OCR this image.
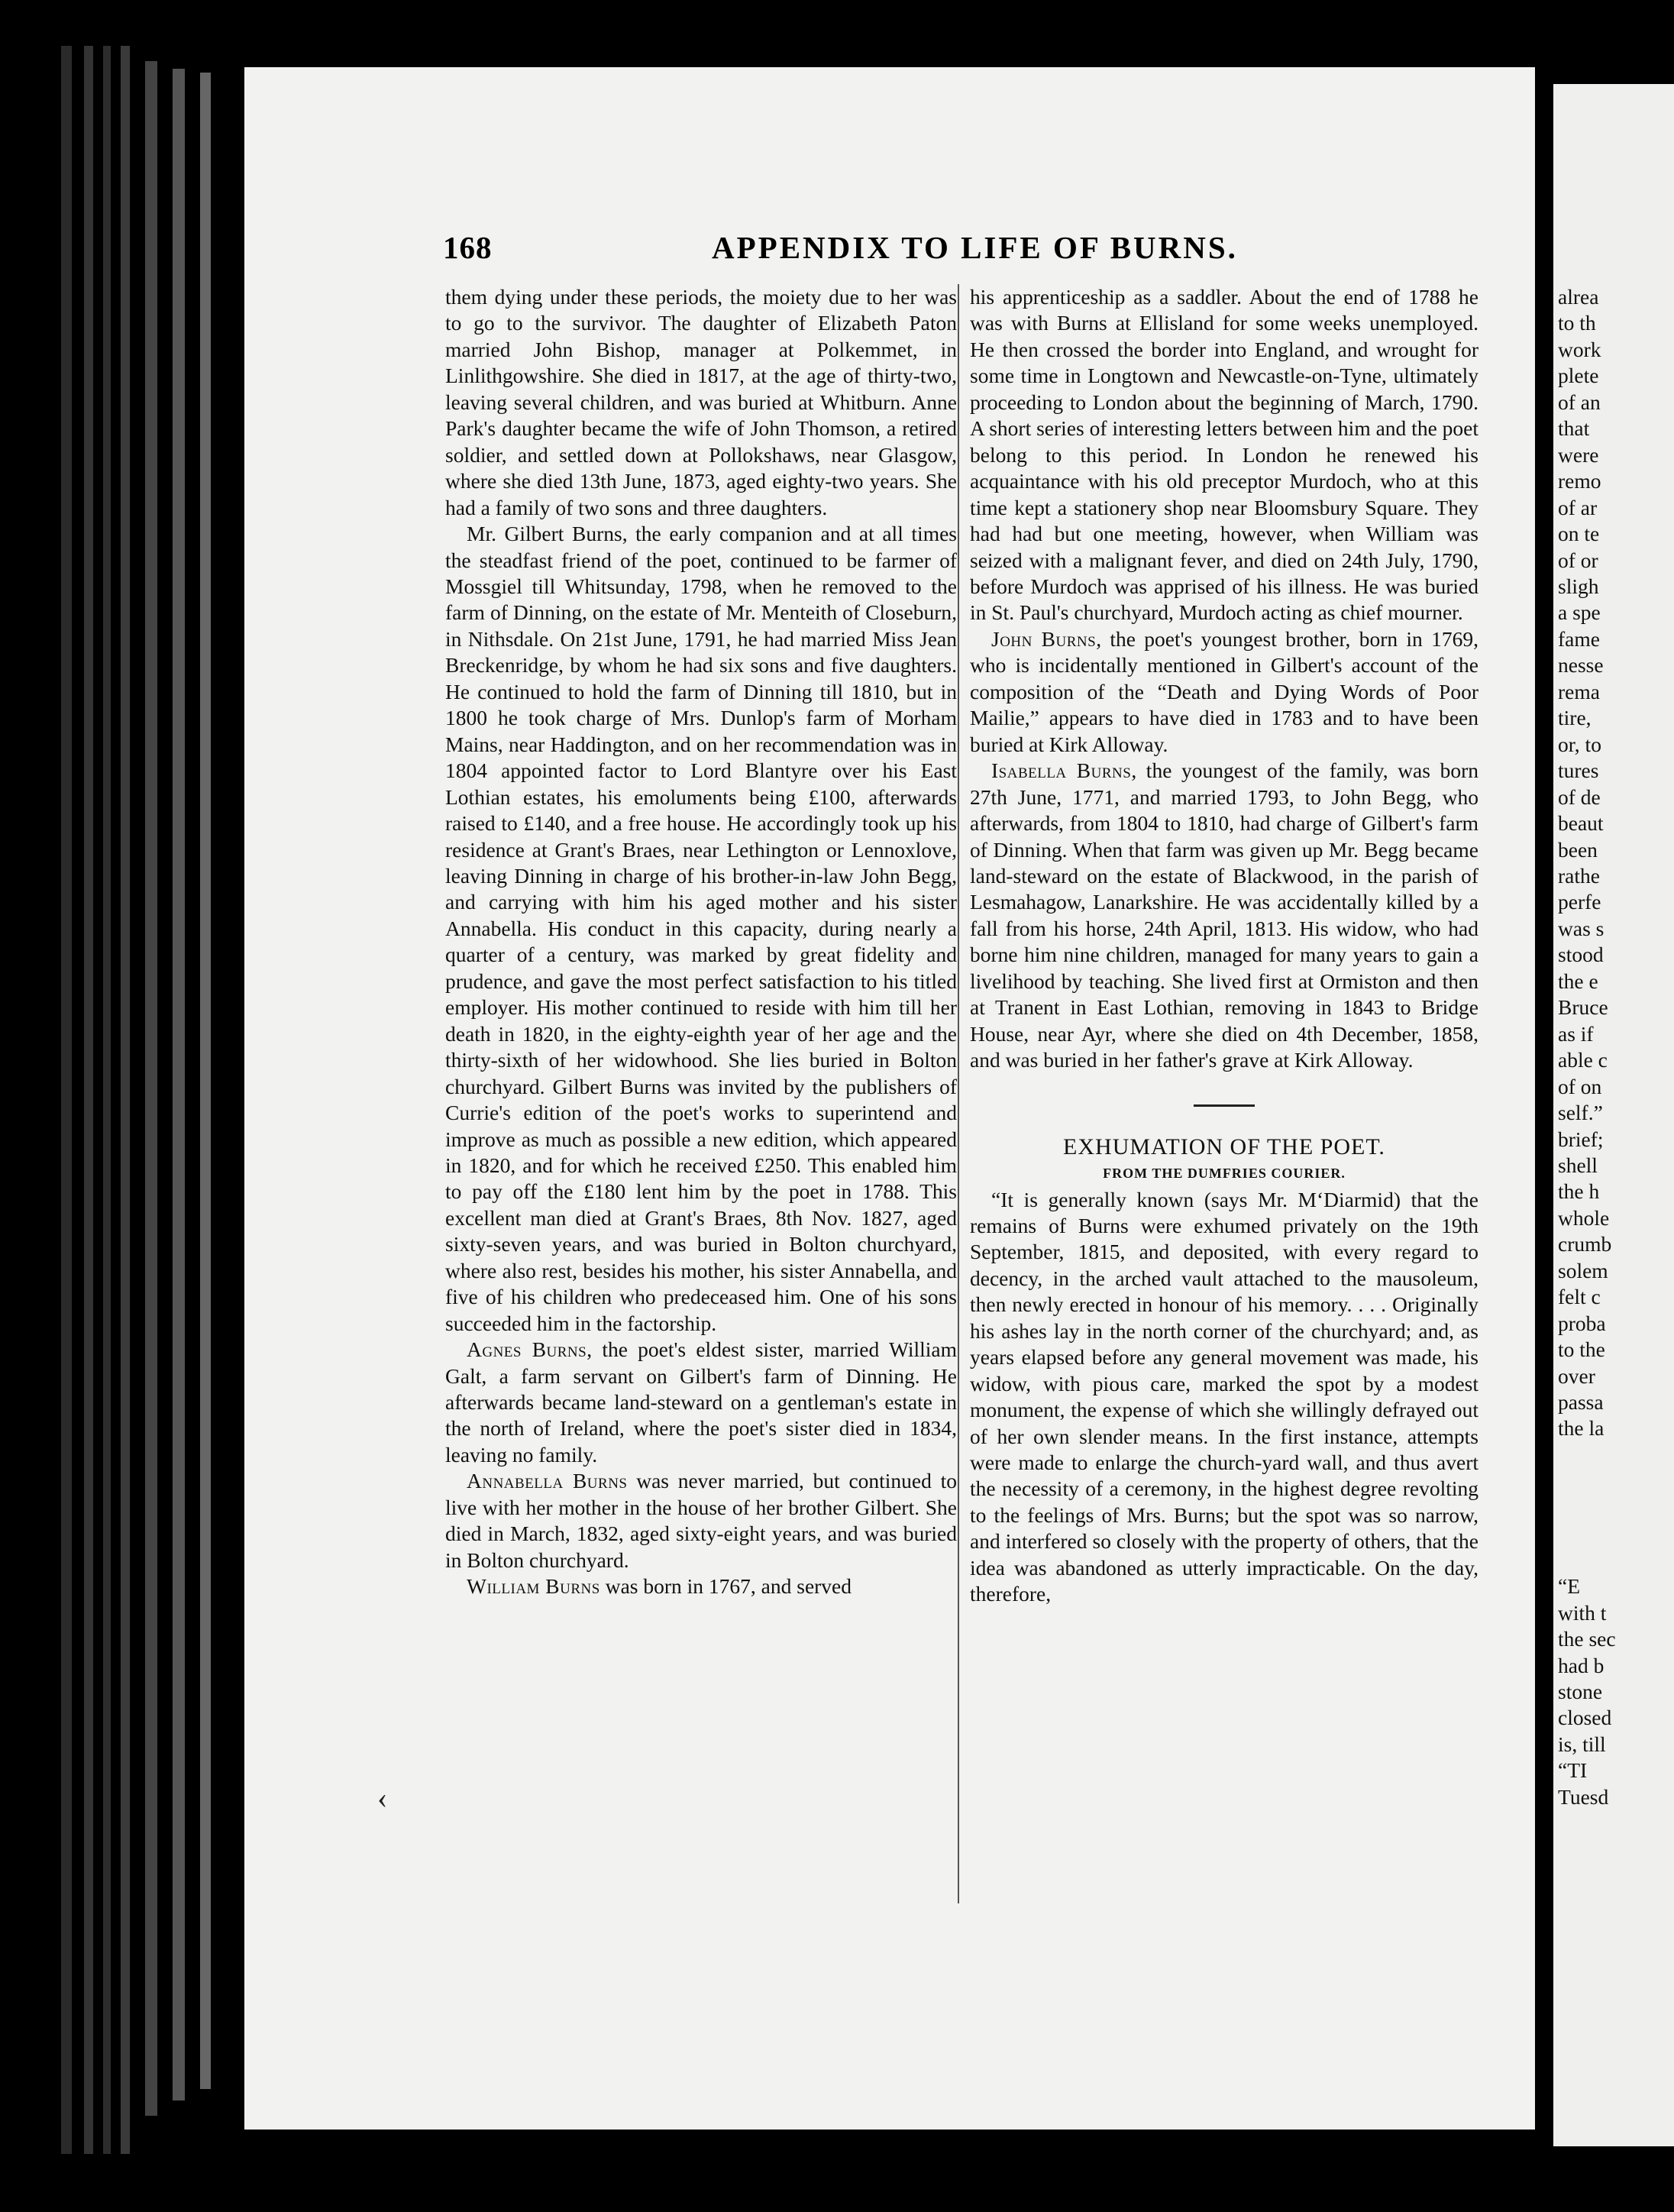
168	APPENDIX TO LIFE OF BURNS.

them dying under these periods, the moiety due to her was to go to the survivor. The daughter of Elizabeth Paton married John Bishop, manager at Polkemmet, in Linlithgowshire. She died in 1817, at the age of thirty-two, leaving several children, and was buried at Whitburn. Anne Park's daughter became the wife of John Thomson, a retired soldier, and settled down at Pollokshaws, near Glasgow, where she died 13th June, 1873, aged eighty-two years. She had a family of two sons and three daughters.

Mr. Gilbert Burns, the early companion and at all times the steadfast friend of the poet, continued to be farmer of Mossgiel till Whitsunday, 1798, when he removed to the farm of Dinning, on the estate of Mr. Menteith of Closeburn, in Nithsdale. On 21st June, 1791, he had married Miss Jean Breckenridge, by whom he had six sons and five daughters. He continued to hold the farm of Dinning till 1810, but in 1800 he took charge of Mrs. Dunlop's farm of Morham Mains, near Haddington, and on her recommendation was in 1804 appointed factor to Lord Blantyre over his East Lothian estates, his emoluments being £100, afterwards raised to £140, and a free house. He accordingly took up his residence at Grant's Braes, near Lethington or Lennoxlove, leaving Dinning in charge of his brother-in-law John Begg, and carrying with him his aged mother and his sister Annabella. His conduct in this capacity, during nearly a quarter of a century, was marked by great fidelity and prudence, and gave the most perfect satisfaction to his titled employer. His mother continued to reside with him till her death in 1820, in the eighty-eighth year of her age and the thirty-sixth of her widowhood. She lies buried in Bolton churchyard. Gilbert Burns was invited by the publishers of Currie's edition of the poet's works to superintend and improve as much as possible a new edition, which appeared in 1820, and for which he received £250. This enabled him to pay off the £180 lent him by the poet in 1788. This excellent man died at Grant's Braes, 8th Nov. 1827, aged sixty-seven years, and was buried in Bolton churchyard, where also rest, besides his mother, his sister Annabella, and five of his children who predeceased him. One of his sons succeeded him in the factorship.

Agnes Burns, the poet's eldest sister, married William Galt, a farm servant on Gilbert's farm of Dinning. He afterwards became land-steward on a gentleman's estate in the north of Ireland, where the poet's sister died in 1834, leaving no family.

Annabella Burns was never married, but continued to live with her mother in the house of her brother Gilbert. She died in March, 1832, aged sixty-eight years, and was buried in Bolton churchyard.

William Burns was born in 1767, and served

his apprenticeship as a saddler. About the end of 1788 he was with Burns at Ellisland for some weeks unemployed. He then crossed the border into England, and wrought for some time in Longtown and Newcastle-on-Tyne, ultimately proceeding to London about the beginning of March, 1790. A short series of interesting letters between him and the poet belong to this period. In London he renewed his acquaintance with his old preceptor Murdoch, who at this time kept a stationery shop near Bloomsbury Square. They had had but one meeting, however, when William was seized with a malignant fever, and died on 24th July, 1790, before Murdoch was apprised of his illness. He was buried in St. Paul's churchyard, Murdoch acting as chief mourner.

John Burns, the poet's youngest brother, born in 1769, who is incidentally mentioned in Gilbert's account of the composition of the “Death and Dying Words of Poor Mailie,” appears to have died in 1783 and to have been buried at Kirk Alloway.

Isabella Burns, the youngest of the family, was born 27th June, 1771, and married 1793, to John Begg, who afterwards, from 1804 to 1810, had charge of Gilbert's farm of Dinning. When that farm was given up Mr. Begg became land-steward on the estate of Blackwood, in the parish of Lesmahagow, Lanarkshire. He was accidentally killed by a fall from his horse, 24th April, 1813. His widow, who had borne him nine children, managed for many years to gain a livelihood by teaching. She lived first at Ormiston and then at Tranent in East Lothian, removing in 1843 to Bridge House, near Ayr, where she died on 4th December, 1858, and was buried in her father's grave at Kirk Alloway.

EXHUMATION OF THE POET.

FROM THE DUMFRIES COURIER.

“It is generally known (says Mr. M‘Diarmid) that the remains of Burns were exhumed privately on the 19th September, 1815, and deposited, with every regard to decency, in the arched vault attached to the mausoleum, then newly erected in honour of his memory. . . . Originally his ashes lay in the north corner of the churchyard; and, as years elapsed before any general movement was made, his widow, with pious care, marked the spot by a modest monument, the expense of which she willingly defrayed out of her own slender means. In the first instance, attempts were made to enlarge the church-yard wall, and thus avert the necessity of a ceremony, in the highest degree revolting to the feelings of Mrs. Burns; but the spot was so narrow, and interfered so closely with the property of others, that the idea was abandoned as utterly impracticable. On the day, therefore,

alrea
to th
work
plete
of an
that
were
remo
of ar
on te
of or
sligh
a spe
fame
nesse
rema
tire,
or, to
tures
of de
beaut
been
rathe
perfe
was s
stood
the e
Bruce
as if
able c
of on
self.”
brief;
shell
the h
whole
crumb
solem
felt c
proba
to the
over
passa
the la

“E
with t
the sec
had b
stone
closed
is, till
“TI
Tuesd
‹
